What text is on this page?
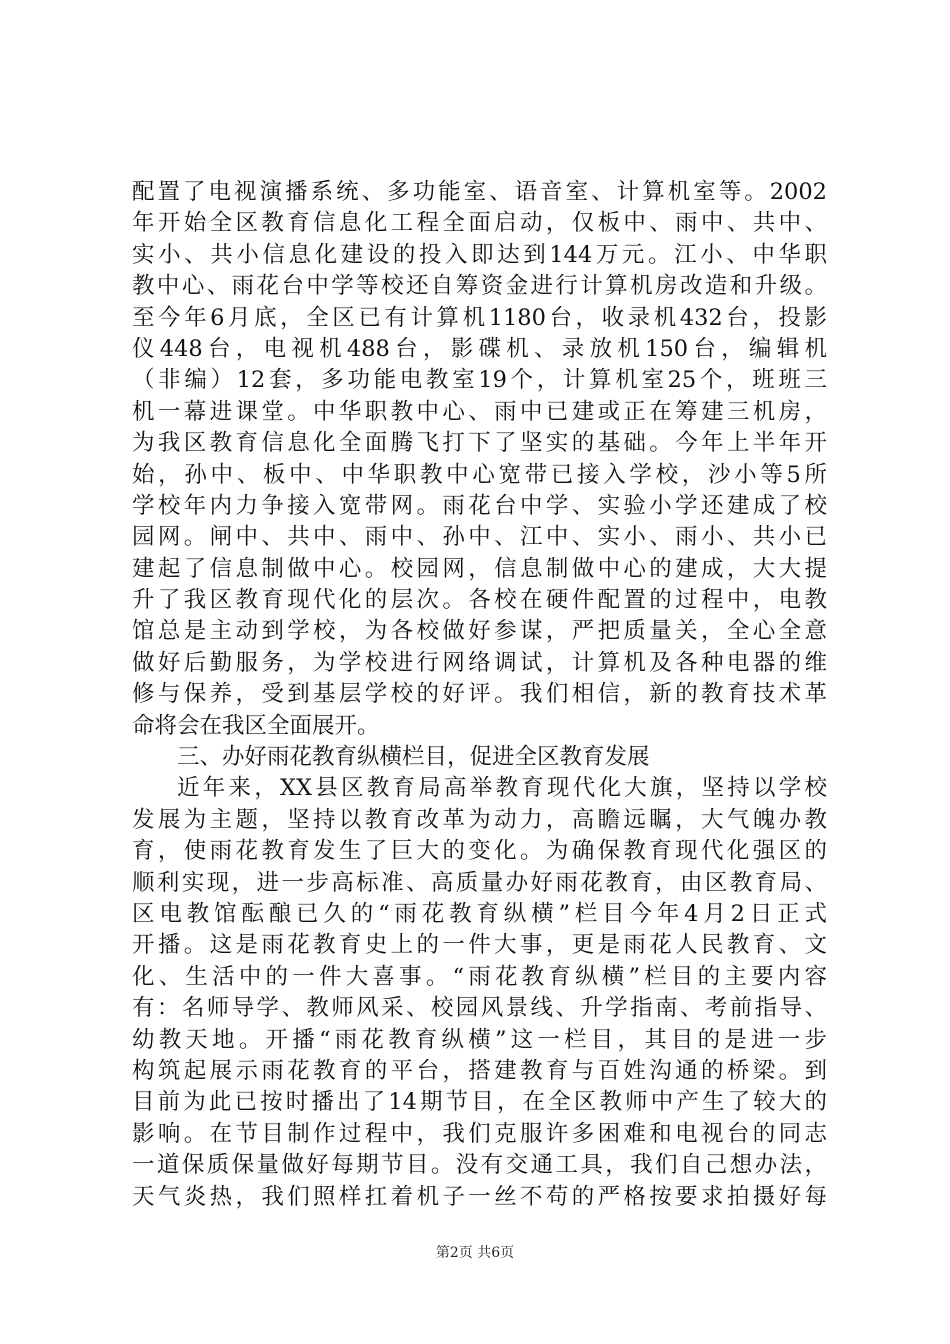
配置了电视演播系统、多功能室、语音室、计算机室等。2002
年开始全区教育信息化工程全面启动，仅板中、雨中、共中、
实小、共小信息化建设的投入即达到144万元。江小、中华职
教中心、雨花台中学等校还自筹资金进行计算机房改造和升级。
至今年6月底，全区已有计算机1180台，收录机432台，投影
仪448台，电视机488台，影碟机、录放机150台，编辑机
（非编）12套，多功能电教室19个，计算机室25个，班班三
机一幕进课堂。中华职教中心、雨中已建或正在筹建三机房，
为我区教育信息化全面腾飞打下了坚实的基础。今年上半年开
始，孙中、板中、中华职教中心宽带已接入学校，沙小等5所
学校年内力争接入宽带网。雨花台中学、实验小学还建成了校
园网。闸中、共中、雨中、孙中、江中、实小、雨小、共小已
建起了信息制做中心。校园网，信息制做中心的建成，大大提
升了我区教育现代化的层次。各校在硬件配置的过程中，电教
馆总是主动到学校，为各校做好参谋，严把质量关，全心全意
做好后勤服务，为学校进行网络调试，计算机及各种电器的维
修与保养，受到基层学校的好评。我们相信，新的教育技术革
命将会在我区全面展开。
三、办好雨花教育纵横栏目，促进全区教育发展
近年来，XX县区教育局高举教育现代化大旗，坚持以学校
发展为主题，坚持以教育改革为动力，高瞻远瞩，大气魄办教
育，使雨花教育发生了巨大的变化。为确保教育现代化强区的
顺利实现，进一步高标准、高质量办好雨花教育，由区教育局、
区电教馆酝酿已久的“雨花教育纵横”栏目今年4月2日正式
开播。这是雨花教育史上的一件大事，更是雨花人民教育、文
化、生活中的一件大喜事。“雨花教育纵横”栏目的主要内容
有：名师导学、教师风采、校园风景线、升学指南、考前指导、
幼教天地。开播“雨花教育纵横”这一栏目，其目的是进一步
构筑起展示雨花教育的平台，搭建教育与百姓沟通的桥梁。到
目前为此已按时播出了14期节目，在全区教师中产生了较大的
影响。在节目制作过程中，我们克服许多困难和电视台的同志
一道保质保量做好每期节目。没有交通工具，我们自己想办法，
天气炎热，我们照样扛着机子一丝不苟的严格按要求拍摄好每
第2页 共6页
